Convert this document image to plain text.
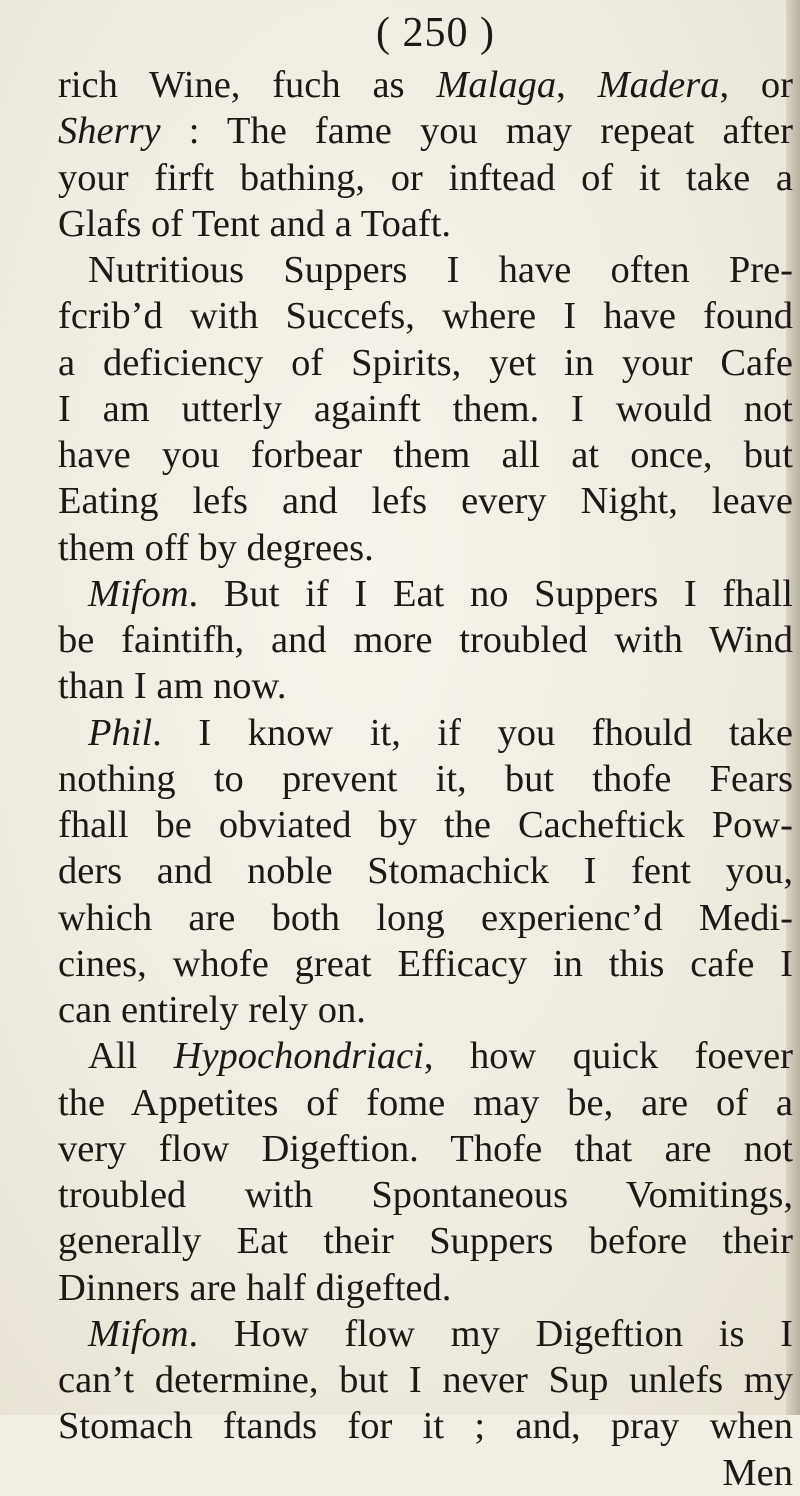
( 250 )
rich Wine, fuch as Malaga, Madera, or
Sherry : The fame you may repeat after
your firft bathing, or inftead of it take a
Glafs of Tent and a Toaft.
Nutritious Suppers I have often Pre-
fcrib’d with Succefs, where I have found
a deficiency of Spirits, yet in your Cafe
I am utterly againft them. I would not
have you forbear them all at once, but
Eating lefs and lefs every Night, leave
them off by degrees.
Mifom. But if I Eat no Suppers I fhall
be faintifh, and more troubled with Wind
than I am now.
Phil. I know it, if you fhould take
nothing to prevent it, but thofe Fears
fhall be obviated by the Cacheftick Pow-
ders and noble Stomachick I fent you,
which are both long experienc’d Medi-
cines, whofe great Efficacy in this cafe I
can entirely rely on.
All Hypochondriaci, how quick foever
the Appetites of fome may be, are of a
very flow Digeftion. Thofe that are not
troubled with Spontaneous Vomitings,
generally Eat their Suppers before their
Dinners are half digefted.
Mifom. How flow my Digeftion is I
can’t determine, but I never Sup unlefs my
Stomach ftands for it ; and, pray when
Men
